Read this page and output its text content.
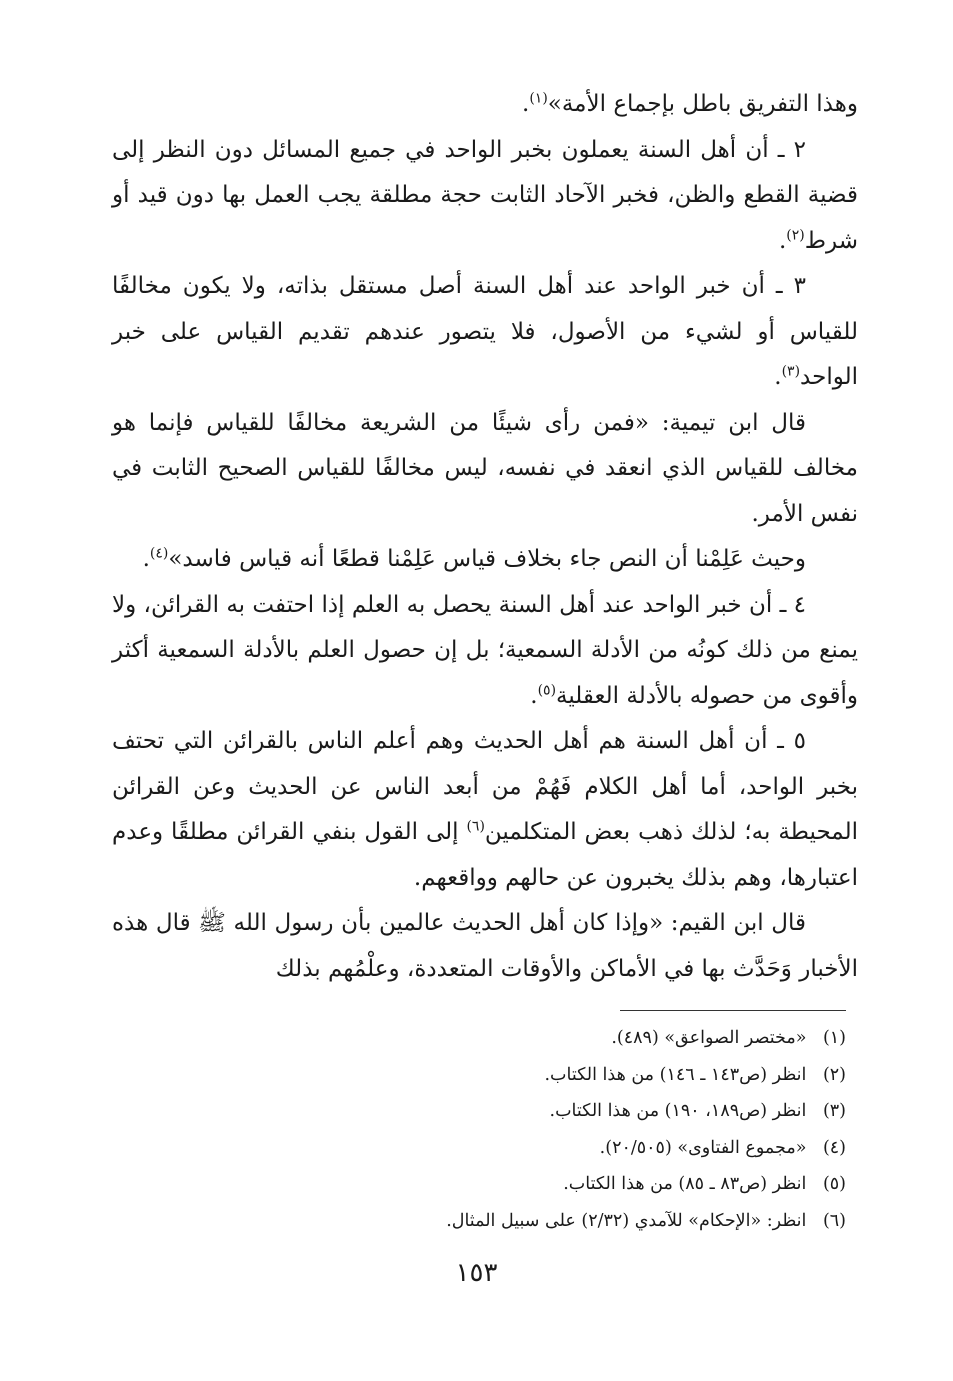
وهذا التفريق باطل بإجماع الأمة»$^{(١)}$.

٢ ـ أن أهل السنة يعملون بخبر الواحد في جميع المسائل دون النظر إلى قضية القطع والظن، فخبر الآحاد الثابت حجة مطلقة يجب العمل بها دون قيد أو شرط$^{(٢)}$.

٣ ـ أن خبر الواحد عند أهل السنة أصل مستقل بذاته، ولا يكون مخالفًا للقياس أو لشيء من الأصول، فلا يتصور عندهم تقديم القياس على خبر الواحد$^{(٣)}$.

قال ابن تيمية: «فمن رأى شيئًا من الشريعة مخالفًا للقياس فإنما هو مخالف للقياس الذي انعقد في نفسه، ليس مخالفًا للقياس الصحيح الثابت في نفس الأمر.

وحيث عَلِمْنا أن النص جاء بخلاف قياس عَلِمْنا قطعًا أنه قياس فاسد»$^{(٤)}$.

٤ ـ أن خبر الواحد عند أهل السنة يحصل به العلم إذا احتفت به القرائن، ولا يمنع من ذلك كونُه من الأدلة السمعية؛ بل إن حصول العلم بالأدلة السمعية أكثر وأقوى من حصوله بالأدلة العقلية$^{(٥)}$.

٥ ـ أن أهل السنة هم أهل الحديث وهم أعلم الناس بالقرائن التي تحتف بخبر الواحد، أما أهل الكلام فَهُمْ من أبعد الناس عن الحديث وعن القرائن المحيطة به؛ لذلك ذهب بعض المتكلمين$^{(٦)}$ إلى القول بنفي القرائن مطلقًا وعدم اعتبارها، وهم بذلك يخبرون عن حالهم وواقعهم.

قال ابن القيم: «وإذا كان أهل الحديث عالمين بأن رسول الله ﷺ قال هذه الأخبار وَحَدَّث بها في الأماكن والأوقات المتعددة، وعلْمُهم بذلك

(١) «مختصر الصواعق» (٤٨٩).
(٢) انظر (ص١٤٣ ـ ١٤٦) من هذا الكتاب.
(٣) انظر (ص١٨٩، ١٩٠) من هذا الكتاب.
(٤) «مجموع الفتاوى» (٢٠/٥٠٥).
(٥) انظر (ص٨٣ ـ ٨٥) من هذا الكتاب.
(٦) انظر: «الإحكام» للآمدي (٢/٣٢) على سبيل المثال.
١٥٣
